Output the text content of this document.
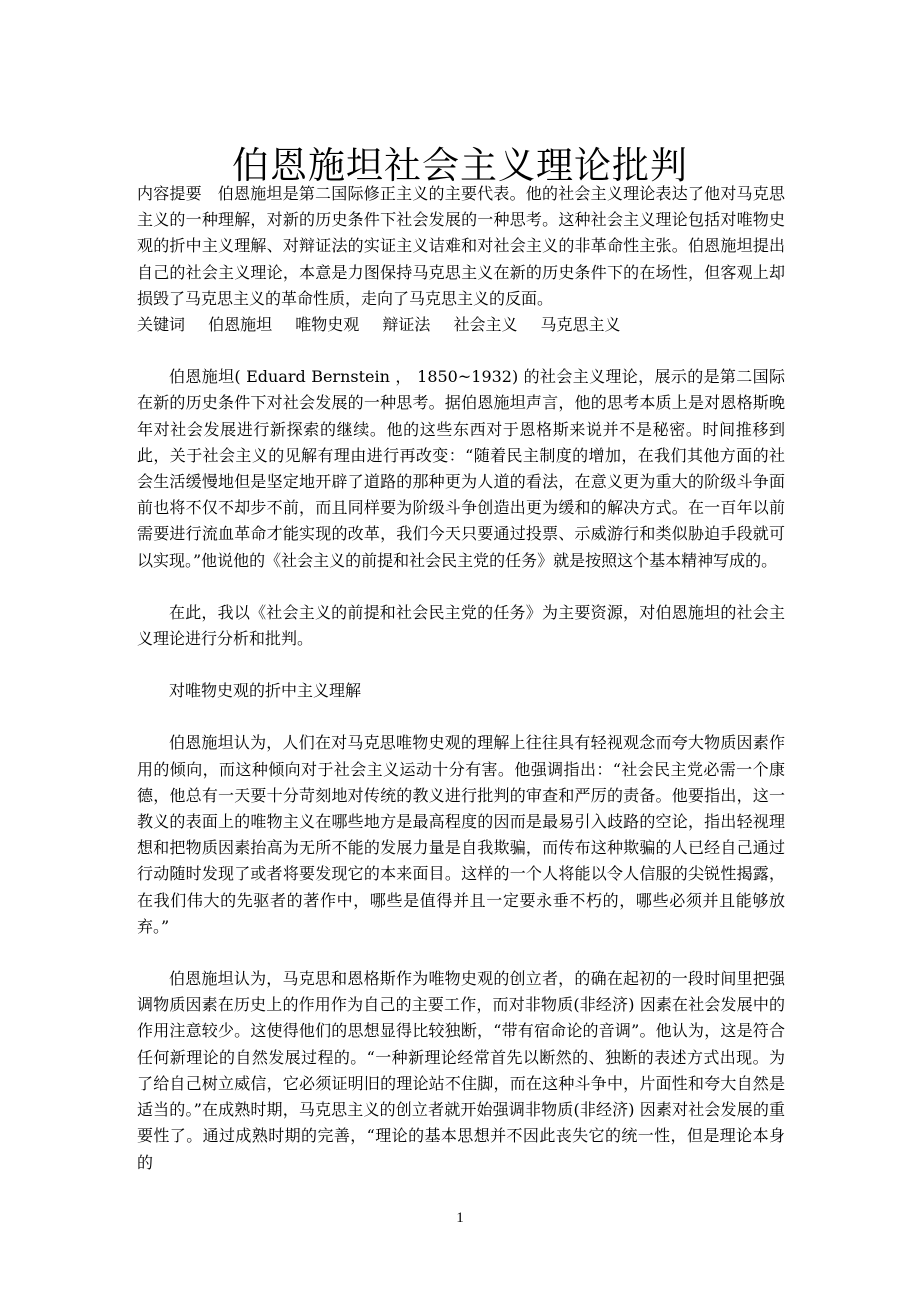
伯恩施坦社会主义理论批判

内容提要 伯恩施坦是第二国际修正主义的主要代表。他的社会主义理论表达了他对马克思主义的一种理解，对新的历史条件下社会发展的一种思考。这种社会主义理论包括对唯物史观的折中主义理解、对辩证法的实证主义诘难和对社会主义的非革命性主张。伯恩施坦提出自己的社会主义理论，本意是力图保持马克思主义在新的历史条件下的在场性，但客观上却损毁了马克思主义的革命性质，走向了马克思主义的反面。

关键词 伯恩施坦 唯物史观 辩证法 社会主义 马克思主义

伯恩施坦( Eduard Bernstein ， 1850~1932) 的社会主义理论，展示的是第二国际在新的历史条件下对社会发展的一种思考。据伯恩施坦声言，他的思考本质上是对恩格斯晚年对社会发展进行新探索的继续。他的这些东西对于恩格斯来说并不是秘密。时间推移到此，关于社会主义的见解有理由进行再改变：“随着民主制度的增加，在我们其他方面的社会生活缓慢地但是坚定地开辟了道路的那种更为人道的看法，在意义更为重大的阶级斗争面前也将不仅不却步不前，而且同样要为阶级斗争创造出更为缓和的解决方式。在一百年以前需要进行流血革命才能实现的改革，我们今天只要通过投票、示威游行和类似胁迫手段就可以实现。”他说他的《社会主义的前提和社会民主党的任务》就是按照这个基本精神写成的。

在此，我以《社会主义的前提和社会民主党的任务》为主要资源，对伯恩施坦的社会主义理论进行分析和批判。

对唯物史观的折中主义理解

伯恩施坦认为，人们在对马克思唯物史观的理解上往往具有轻视观念而夸大物质因素作用的倾向，而这种倾向对于社会主义运动十分有害。他强调指出：“社会民主党必需一个康德，他总有一天要十分苛刻地对传统的教义进行批判的审查和严厉的责备。他要指出，这一教义的表面上的唯物主义在哪些地方是最高程度的因而是最易引入歧路的空论，指出轻视理想和把物质因素抬高为无所不能的发展力量是自我欺骗，而传布这种欺骗的人已经自己通过行动随时发现了或者将要发现它的本来面目。这样的一个人将能以令人信服的尖锐性揭露，在我们伟大的先驱者的著作中，哪些是值得并且一定要永垂不朽的，哪些必须并且能够放弃。”

伯恩施坦认为，马克思和恩格斯作为唯物史观的创立者，的确在起初的一段时间里把强调物质因素在历史上的作用作为自己的主要工作，而对非物质(非经济) 因素在社会发展中的作用注意较少。这使得他们的思想显得比较独断，“带有宿命论的音调”。他认为，这是符合任何新理论的自然发展过程的。“一种新理论经常首先以断然的、独断的表述方式出现。为了给自己树立威信，它必须证明旧的理论站不住脚，而在这种斗争中，片面性和夸大自然是适当的。”在成熟时期，马克思主义的创立者就开始强调非物质(非经济) 因素对社会发展的重要性了。通过成熟时期的完善，“理论的基本思想并不因此丧失它的统一性，但是理论本身的

1
